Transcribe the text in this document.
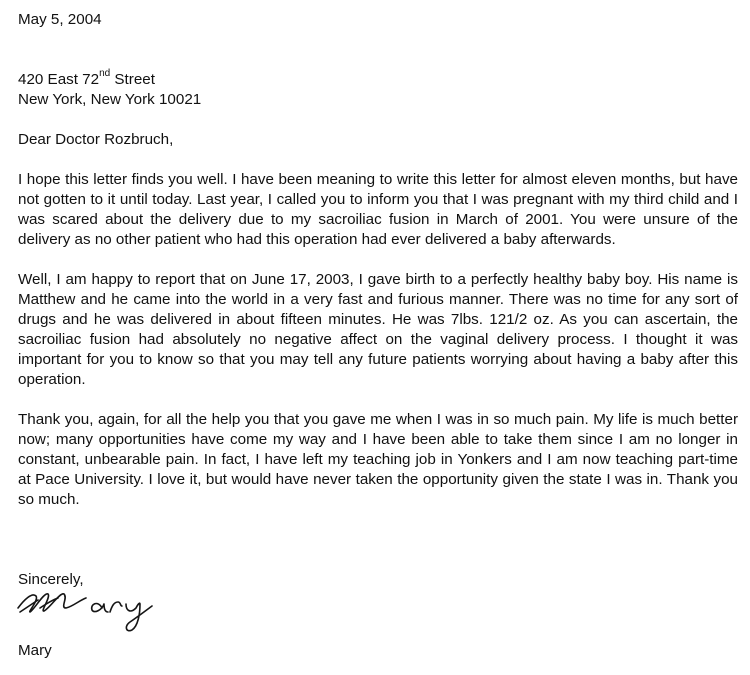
May 5, 2004
420 East 72nd Street
New York, New York 10021
Dear Doctor Rozbruch,

I hope this letter finds you well. I have been meaning to write this letter for almost eleven months, but have not gotten to it until today. Last year, I called you to inform you that I was pregnant with my third child and I was scared about the delivery due to my sacroiliac fusion in March of 2001. You were unsure of the delivery as no other patient who had this operation had ever delivered a baby afterwards.

Well, I am happy to report that on June 17, 2003, I gave birth to a perfectly healthy baby boy. His name is Matthew and he came into the world in a very fast and furious manner. There was no time for any sort of drugs and he was delivered in about fifteen minutes. He was 7lbs. 121/2 oz. As you can ascertain, the sacroiliac fusion had absolutely no negative affect on the vaginal delivery process. I thought it was important for you to know so that you may tell any future patients worrying about having a baby after this operation.

Thank you, again, for all the help you that you gave me when I was in so much pain. My life is much better now; many opportunities have come my way and I have been able to take them since I am no longer in constant, unbearable pain. In fact, I have left my teaching job in Yonkers and I am now teaching part-time at Pace University. I love it, but would have never taken the opportunity given the state I was in. Thank you so much.

Sincerely,
Mary
